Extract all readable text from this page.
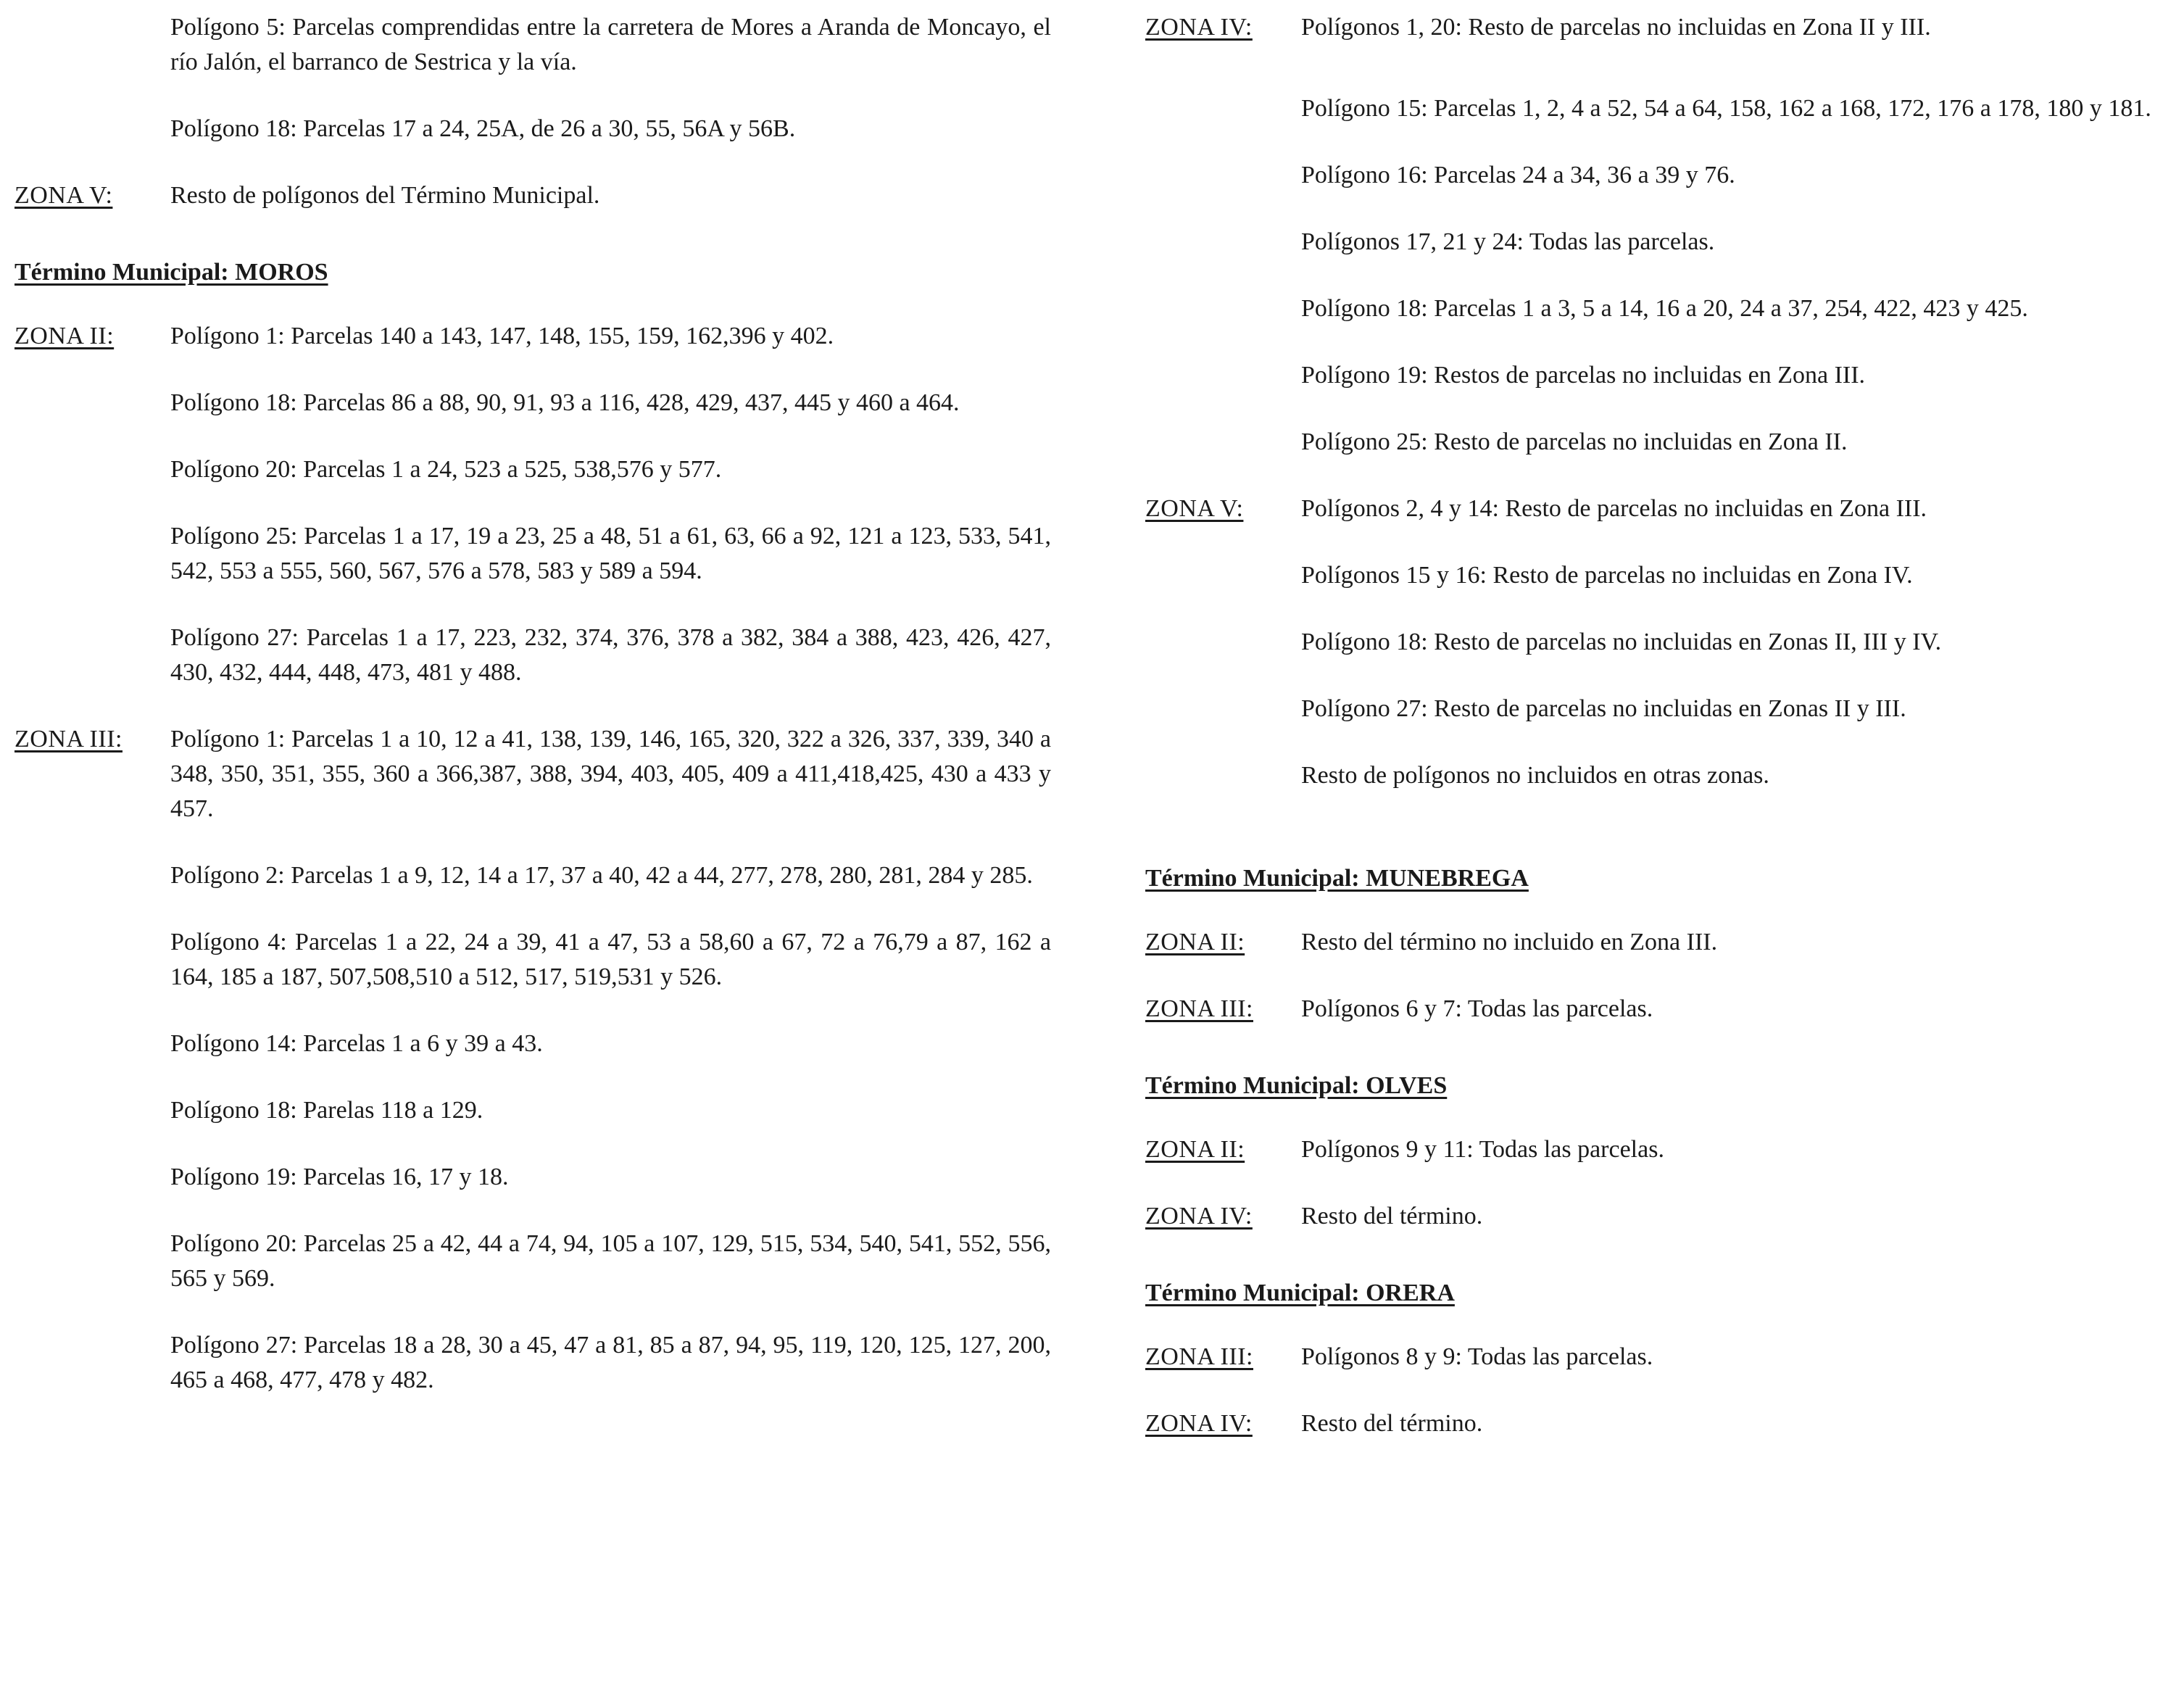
Polígono 5: Parcelas comprendidas entre la carretera de Mores a Aranda de Moncayo, el río Jalón, el barranco de Sestrica y la vía.
Polígono 18: Parcelas 17 a 24, 25A, de 26 a 30, 55, 56A y 56B.
ZONA V: Resto de polígonos del Término Municipal.
Término Municipal: MOROS
ZONA II: Polígono 1: Parcelas 140 a 143, 147, 148, 155, 159, 162,396 y 402.
Polígono 18: Parcelas 86 a 88, 90, 91, 93 a 116, 428, 429, 437, 445 y 460 a 464.
Polígono 20: Parcelas 1 a 24, 523 a 525, 538,576 y 577.
Polígono 25: Parcelas 1 a 17, 19 a 23, 25 a 48, 51 a 61, 63, 66 a 92, 121 a 123, 533, 541, 542, 553 a 555, 560, 567, 576 a 578, 583 y 589 a 594.
Polígono 27: Parcelas 1 a 17, 223, 232, 374, 376, 378 a 382, 384 a 388, 423, 426, 427, 430, 432, 444, 448, 473, 481 y 488.
ZONA III: Polígono 1: Parcelas 1 a 10, 12 a 41, 138, 139, 146, 165, 320, 322 a 326, 337, 339, 340 a 348, 350, 351, 355, 360 a 366,387, 388, 394, 403, 405, 409 a 411,418,425, 430 a 433 y 457.
Polígono 2: Parcelas 1 a 9, 12, 14 a 17, 37 a 40, 42 a 44, 277, 278, 280, 281, 284 y 285.
Polígono 4: Parcelas 1 a 22, 24 a 39, 41 a 47, 53 a 58,60 a 67, 72 a 76,79 a 87, 162 a 164, 185 a 187, 507,508,510 a 512, 517, 519,531 y 526.
Polígono 14: Parcelas 1 a 6 y 39 a 43.
Polígono 18: Parelas 118 a 129.
Polígono 19: Parcelas 16, 17 y 18.
Polígono 20: Parcelas 25 a 42, 44 a 74, 94, 105 a 107, 129, 515, 534, 540, 541, 552, 556, 565 y 569.
Polígono 27: Parcelas 18 a 28, 30 a 45, 47 a 81, 85 a 87, 94, 95, 119, 120, 125, 127, 200, 465 a 468, 477, 478 y 482.
ZONA IV: Polígonos 1, 20: Resto de parcelas no incluidas en Zona II y III.
Polígono 15: Parcelas 1, 2, 4 a 52, 54 a 64, 158, 162 a 168, 172, 176 a 178, 180 y 181.
Polígono 16: Parcelas 24 a 34, 36 a 39 y 76.
Polígonos 17, 21 y 24: Todas las parcelas.
Polígono 18: Parcelas 1 a 3, 5 a 14, 16 a 20, 24 a 37, 254, 422, 423 y 425.
Polígono 19: Restos de parcelas no incluidas en Zona III.
Polígono 25: Resto de parcelas no incluidas en Zona II.
ZONA V: Polígonos 2, 4 y 14: Resto de parcelas no incluidas en Zona III.
Polígonos 15 y 16: Resto de parcelas no incluidas en Zona IV.
Polígono 18: Resto de parcelas no incluidas en Zonas II, III y IV.
Polígono 27: Resto de parcelas no incluidas en Zonas II y III.
Resto de polígonos no incluidos en otras zonas.
Término Municipal: MUNEBREGA
ZONA II: Resto del término no incluido en Zona III.
ZONA III: Polígonos 6 y 7: Todas las parcelas.
Término Municipal: OLVES
ZONA II: Polígonos 9 y 11: Todas las parcelas.
ZONA IV: Resto del término.
Término Municipal: ORERA
ZONA III: Polígonos 8 y 9: Todas las parcelas.
ZONA IV: Resto del término.
